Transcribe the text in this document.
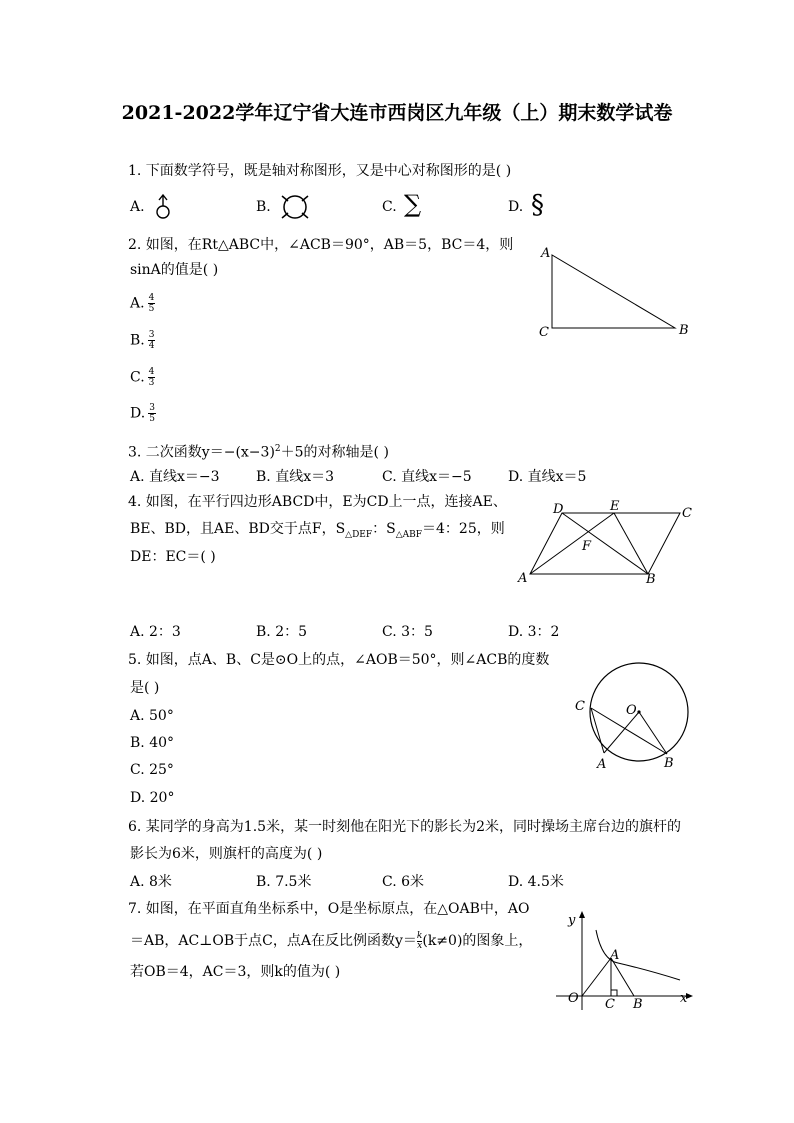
2021-2022学年辽宁省大连市西岗区九年级（上）期末数学试卷
1. 下面数学符号，既是轴对称图形，又是中心对称图形的是( )
A.	B.	C. ∑	D. §
2. 如图，在Rt△ABC中，∠ACB＝90°，AB＝5，BC＝4，则
sinA的值是( )
A. $\frac{4}{5}$
B. $\frac{3}{4}$
C. $\frac{4}{3}$
D. $\frac{3}{5}$
A
C	B
3. 二次函数$y=-(x-3)^2+5$的对称轴是( )
A. 直线x＝−3	B. 直线x＝3	C. 直线x＝−5	D. 直线x＝5
4. 如图，在平行四边形ABCD中，E为CD上一点，连接AE、
BE、BD，且AE、BD交于点F，$S_{\triangle DEF}$：$S_{\triangle ABF}=4$：25，则
DE：EC＝( )
D	E	C
F
A	B
A. 2：3	B. 2：5	C. 3：5	D. 3：2
5. 如图，点A、B、C是⊙O上的点，∠AOB＝50°，则∠ACB的度数
是( )
A. 50°
B. 40°
C. 25°
D. 20°
C	O
A	B
6. 某同学的身高为1.5米，某一时刻他在阳光下的影长为2米，同时操场主席台边的旗杆的
影长为6米，则旗杆的高度为( )
A. 8米	B. 7.5米	C. 6米	D. 4.5米
7. 如图，在平面直角坐标系中，O是坐标原点，在△OAB中，AO
＝AB，AC⊥OB于点C，点A在反比例函数$y= \frac{k}{x} (k\ne 0)$的图象上，
若OB＝4，AC＝3，则k的值为( )
y
x
O
A
C B
